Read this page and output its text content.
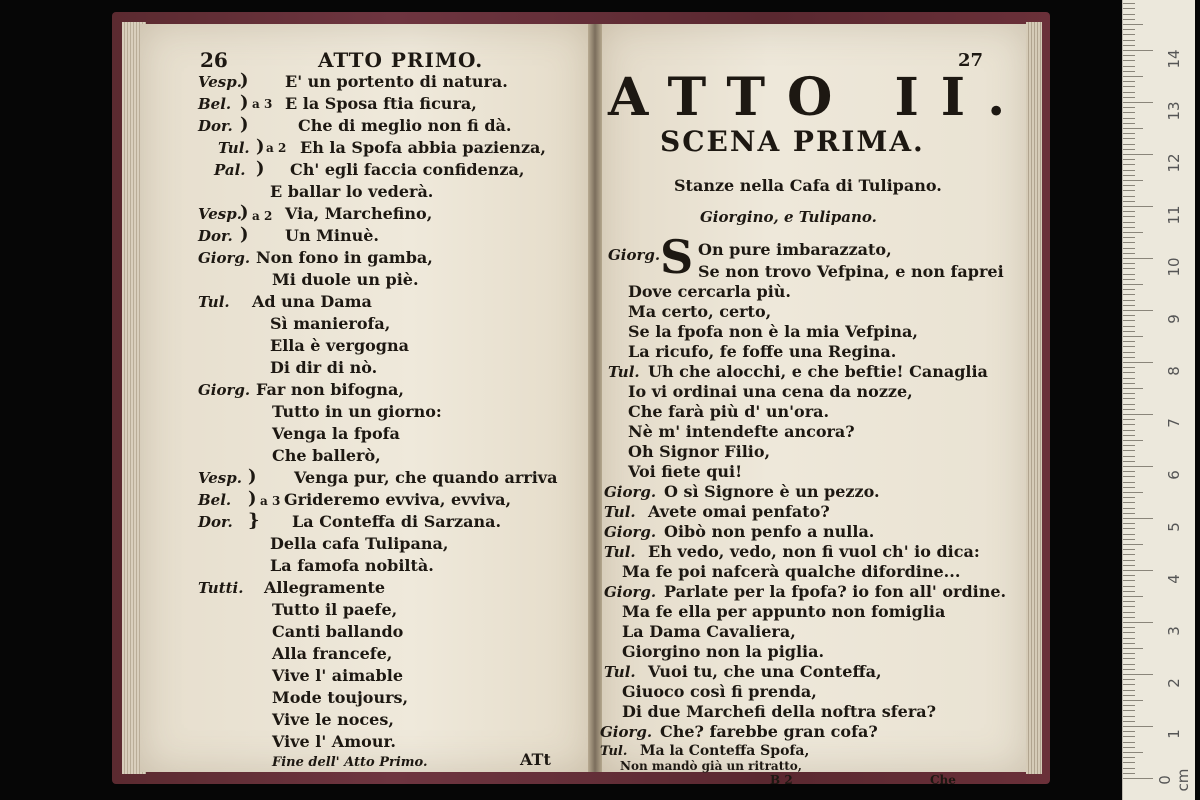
26	ATTO PRIMO.
Vesp.
) E' un portento di natura.
Bel. ) a 3 E la Sposa ftia ficura,
Dor. )	Che di meglio non fi dà.
Tul. ) a 2 Eh la Spofa abbia pazienza,
Pal. ) Ch' egli faccia confidenza,
E ballar lo vederà.
Vesp.
) a 2 Via, Marchefino,
Dor. ) Un Minuè.
Giorg. Non fono in gamba,
Mi duole un piè.
Tul. Ad una Dama
Sì manierofa,
Ella è vergogna
Di dir di nò.
Giorg. Far non bifogna,
Tutto in un giorno:
Venga la fpofa
Che ballerò,
Vesp. ) Venga pur, che quando arriva
Bel. ) a 3 Grideremo evviva, evviva,
Dor. } La Conteffa di Sarzana.
Della cafa Tulipana,
La famofa nobiltà.
Tutti. Allegramente
Tutto il paefe,
Canti ballando
Alla francefe,
Vive l' aimable
Mode toujours,
Vive le noces,
Vive l' Amour.
Fine dell' Atto Primo.	ATt
27
ATTO II.
SCENA PRIMA.
Stanze nella Cafa di Tulipano.
Giorgino, e Tulipano.
Giorg. S On pure imbarazzato,
Se non trovo Vefpina, e non faprei
Dove cercarla più.
Ma certo, certo,
Se la fpofa non è la mia Vefpina,
La ricufo, fe foffe una Regina.
Tul. Uh che alocchi, e che beftie! Canaglia
Io vi ordinai una cena da nozze,
Che farà più d' un'ora.
Nè m' intendefte ancora?
Oh Signor Filio,
Voi fiete qui!
Giorg. O sì Signore è un pezzo.
Tul. Avete omai penfato?
Giorg. Oibò non penfo a nulla.
Tul. Eh vedo, vedo, non fi vuol ch' io dica:
Ma fe poi nafcerà qualche difordine...
Giorg. Parlate per la fpofa? io fon all' ordine.
Ma fe ella per appunto non fomiglia
La Dama Cavaliera,
Giorgino non la piglia.
Tul. Vuoi tu, che una Conteffa,
Giuoco così fi prenda,
Di due Marchefi della noftra sfera?
Giorg. Che? farebbe gran cofa?
Tul. Ma la Conteffa Spofa,
Non mandò già un ritratto,
B 2	Che	0 cm
1
2
3
4
5
6
7
8
9
10
11
12
13
14
